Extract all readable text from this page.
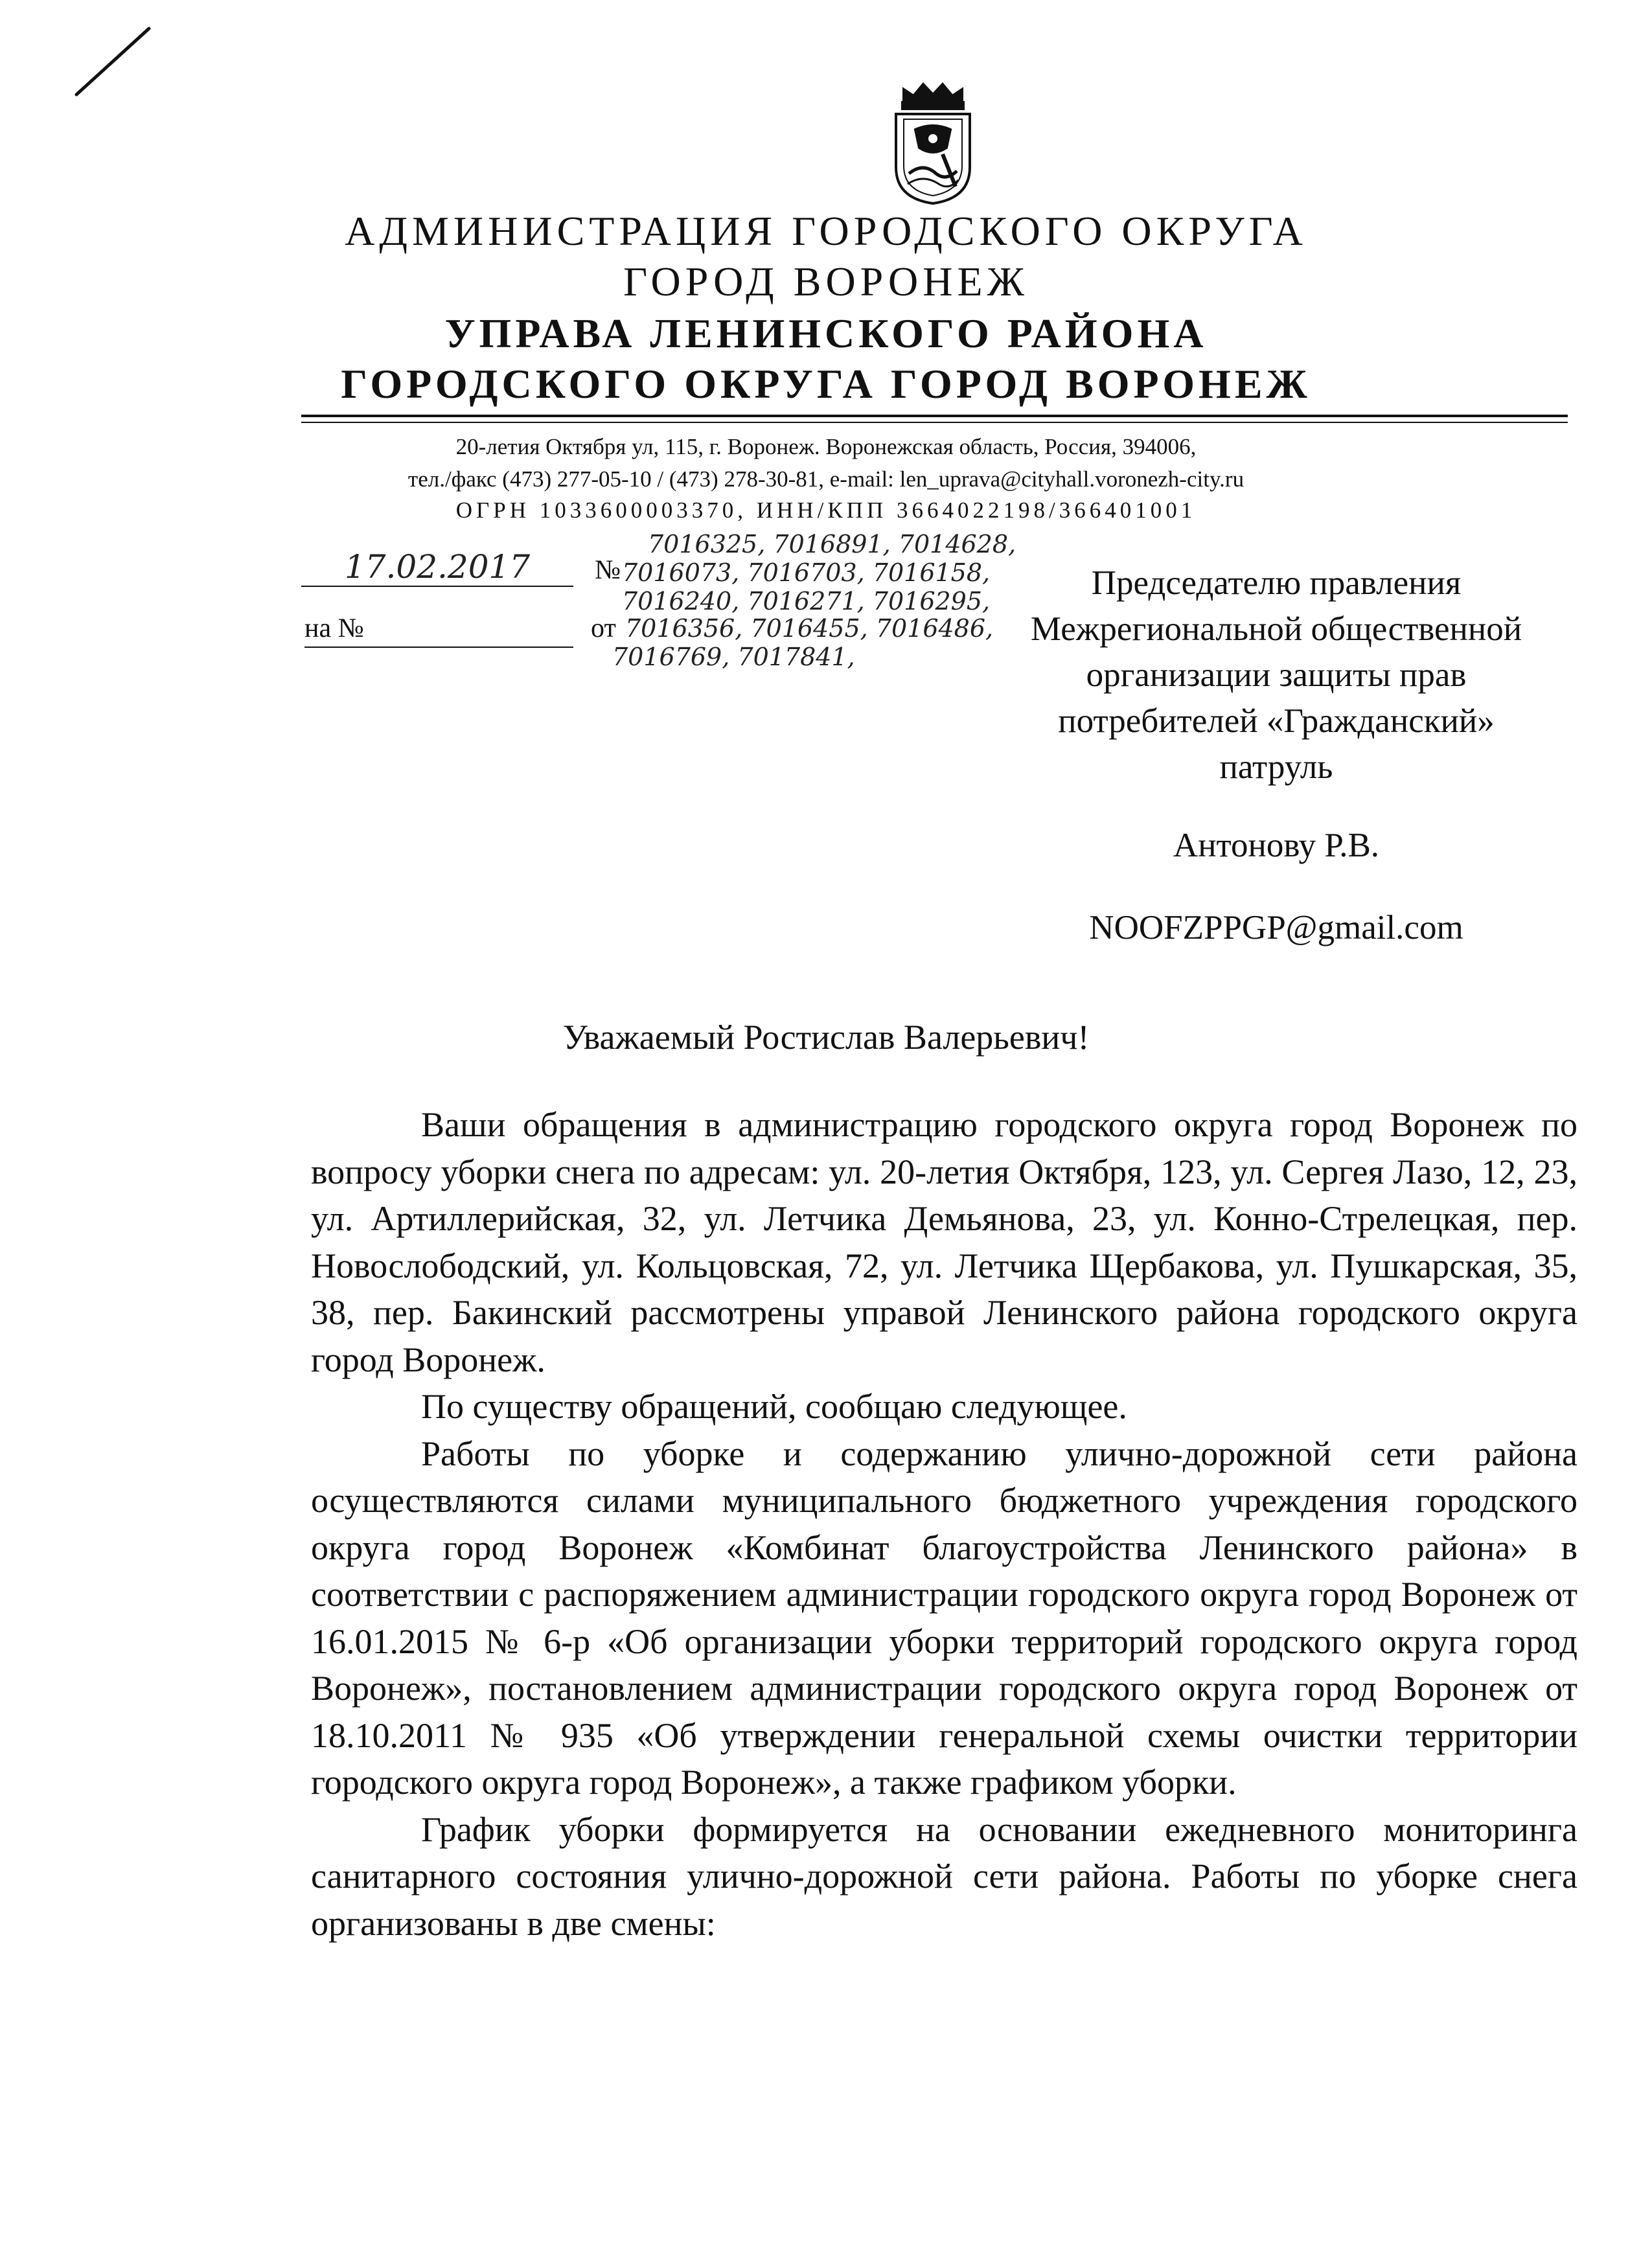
АДМИНИСТРАЦИЯ ГОРОДСКОГО ОКРУГА
ГОРОД ВОРОНЕЖ
УПРАВА ЛЕНИНСКОГО РАЙОНА
ГОРОДСКОГО ОКРУГА ГОРОД ВОРОНЕЖ
20-летия Октября ул, 115, г. Воронеж. Воронежская область, Россия, 394006,
тел./факс (473) 277-05-10 / (473) 278-30-81, e-mail: len_uprava@cityhall.voronezh-city.ru
ОГРН 1033600003370, ИНН/КПП 3664022198/366401001
17.02.2017
на №
№
от
7016325, 7016891, 7014628,
7016073, 7016703, 7016158,
7016240, 7016271, 7016295,
7016356, 7016455, 7016486,
7016769, 7017841,
Председателю правления
Межрегиональной общественной
организации защиты прав
потребителей «Гражданский»
патруль
Антонову Р.В.
NOOFZPPGP@gmail.com
Уважаемый Ростислав Валерьевич!

Ваши обращения в администрацию городского округа город Воронеж по вопросу уборки снега по адресам: ул. 20-летия Октября, 123, ул. Сергея Лазо, 12, 23, ул. Артиллерийская, 32, ул. Летчика Демьянова, 23, ул. Конно-Стрелецкая, пер. Новослободский, ул. Кольцовская, 72, ул. Летчика Щербакова, ул. Пушкарская, 35, 38, пер. Бакинский рассмотрены управой Ленинского района городского округа город Воронеж.

По существу обращений, сообщаю следующее.

Работы по уборке и содержанию улично-дорожной сети района осуществляются силами муниципального бюджетного учреждения городского округа город Воронеж «Комбинат благоустройства Ленинского района» в соответствии с распоряжением администрации городского округа город Воронеж от 16.01.2015 № 6-р «Об организации уборки территорий городского округа город Воронеж», постановлением администрации городского округа город Воронеж от 18.10.2011 № 935 «Об утверждении генеральной схемы очистки территории городского округа город Воронеж», а также графиком уборки.

График уборки формируется на основании ежедневного мониторинга санитарного состояния улично-дорожной сети района. Работы по уборке снега организованы в две смены:
